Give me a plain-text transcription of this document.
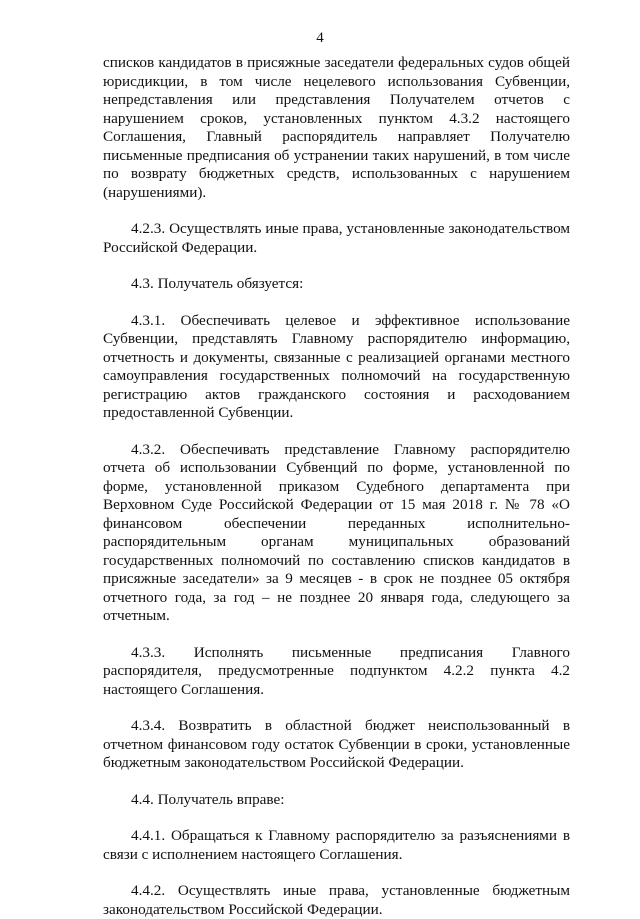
4

списков кандидатов в присяжные заседатели федеральных судов общей юрисдикции, в том числе нецелевого использования Субвенции, непредставления или представления Получателем отчетов с нарушением сроков, установленных пунктом 4.3.2 настоящего Соглашения, Главный распорядитель направляет Получателю письменные предписания об устранении таких нарушений, в том числе по возврату бюджетных средств, использованных с нарушением (нарушениями).

4.2.3. Осуществлять иные права, установленные законодательством Российской Федерации.

4.3. Получатель обязуется:

4.3.1. Обеспечивать целевое и эффективное использование Субвенции, представлять Главному распорядителю информацию, отчетность и документы, связанные с реализацией органами местного самоуправления государственных полномочий на государственную регистрацию актов гражданского состояния и расходованием предоставленной Субвенции.

4.3.2. Обеспечивать представление Главному распорядителю отчета об использовании Субвенций по форме, установленной по форме, установленной приказом Судебного департамента при Верховном Суде Российской Федерации от 15 мая 2018 г. № 78 «О финансовом обеспечении переданных исполнительно-распорядительным органам муниципальных образований государственных полномочий по составлению списков кандидатов в присяжные заседатели» за 9 месяцев - в срок не позднее 05 октября отчетного года, за год – не позднее 20 января года, следующего за отчетным.

4.3.3. Исполнять письменные предписания Главного распорядителя, предусмотренные подпунктом 4.2.2 пункта 4.2 настоящего Соглашения.

4.3.4. Возвратить в областной бюджет неиспользованный в отчетном финансовом году остаток Субвенции в сроки, установленные бюджетным законодательством Российской Федерации.

4.4. Получатель вправе:

4.4.1. Обращаться к Главному распорядителю за разъяснениями в связи с исполнением настоящего Соглашения.

4.4.2. Осуществлять иные права, установленные бюджетным законодательством Российской Федерации.
